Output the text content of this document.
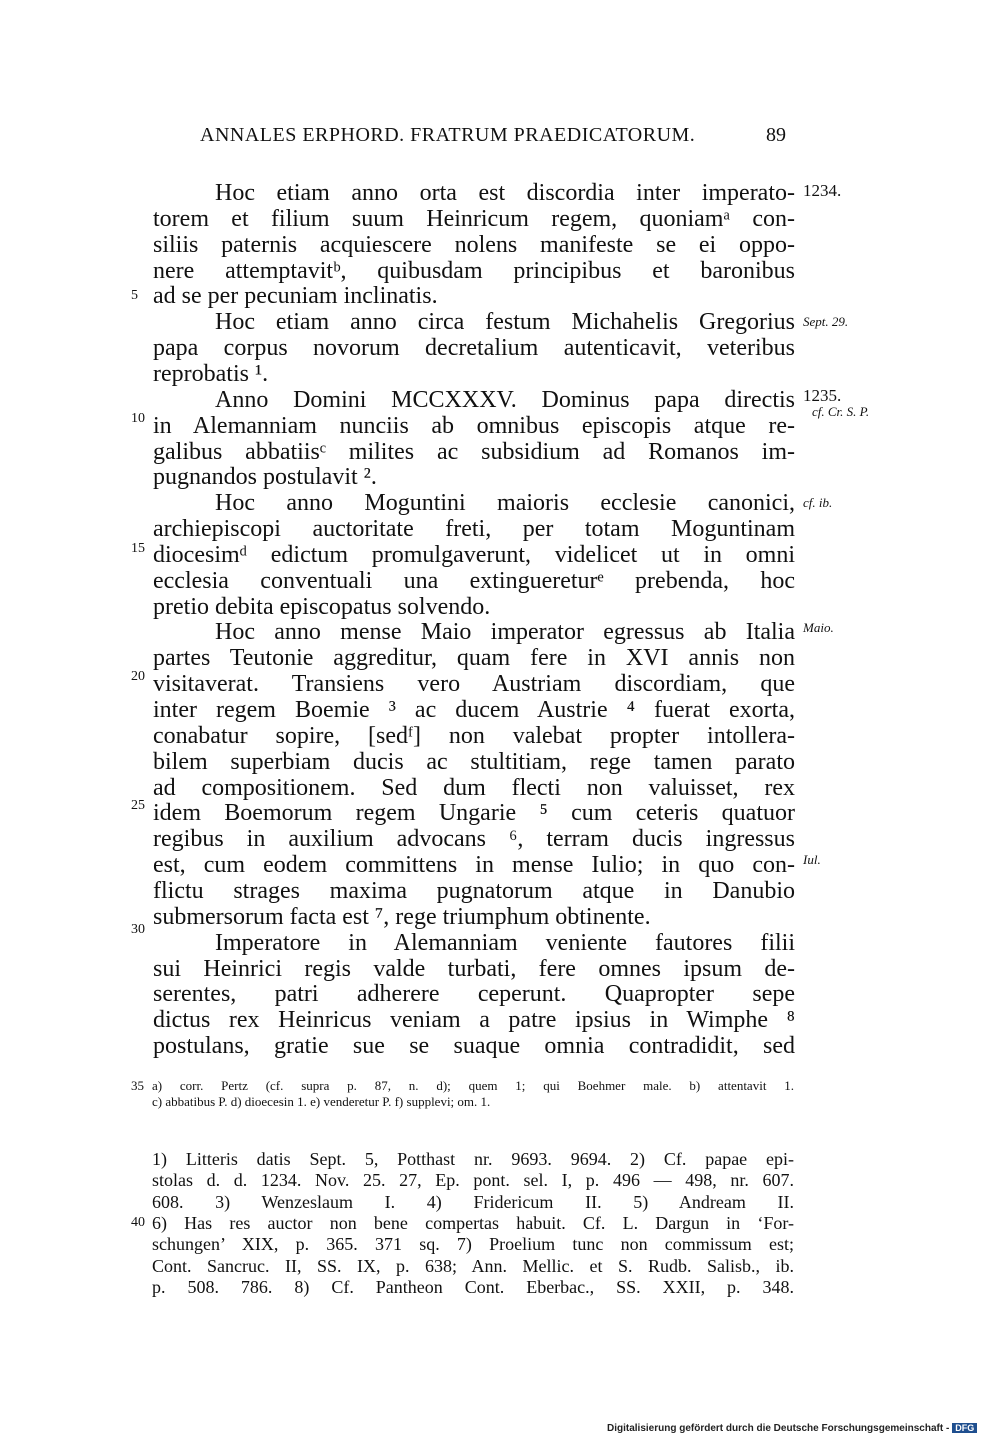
ANNALES ERPHORD. FRATRUM PRAEDICATORUM.	89
Hoc etiam anno orta est discordia inter imperato-
torem et filium suum Heinricum regem, quoniamᵃ con-
siliis paternis acquiescere nolens manifeste se ei oppo-
nere attemptavitᵇ, quibusdam principibus et baronibus
ad se per pecuniam inclinatis.
Hoc etiam anno circa festum Michahelis Gregorius
papa corpus novorum decretalium autenticavit, veteribus
reprobatis ¹.
Anno Domini MCCXXXV. Dominus papa directis
in Alemanniam nunciis ab omnibus episcopis atque re-
galibus abbatiisᶜ milites ac subsidium ad Romanos im-
pugnandos postulavit ².
Hoc anno Moguntini maioris ecclesie canonici,
archiepiscopi auctoritate freti, per totam Moguntinam
diocesimᵈ edictum promulgaverunt, videlicet ut in omni
ecclesia conventuali una extinguereturᵉ prebenda, hoc
pretio debita episcopatus solvendo.
Hoc anno mense Maio imperator egressus ab Italia
partes Teutonie aggreditur, quam fere in XVI annis non
visitaverat. Transiens vero Austriam discordiam, que
inter regem Boemie ³ ac ducem Austrie ⁴ fuerat exorta,
conabatur sopire, [sedᶠ] non valebat propter intollera-
bilem superbiam ducis ac stultitiam, rege tamen parato
ad compositionem. Sed dum flecti non valuisset, rex
idem Boemorum regem Ungarie ⁵ cum ceteris quatuor
regibus in auxilium advocans ⁶, terram ducis ingressus
est, cum eodem committens in mense Iulio; in quo con-
flictu strages maxima pugnatorum atque in Danubio
submersorum facta est ⁷, rege triumphum obtinente.
Imperatore in Alemanniam veniente fautores filii
sui Heinrici regis valde turbati, fere omnes ipsum de-
serentes, patri adherere ceperunt. Quapropter sepe
dictus rex Heinricus veniam a patre ipsius in Wimphe ⁸
postulans, gratie sue se suaque omnia contradidit, sed
5
10
15
20
25
30
1234.
Sept. 29.
1235.
cf. Cr. S. P.
cf. ib.
Maio.
Iul.
35 a) corr. Pertz (cf. supra p. 87, n. d); quem 1; qui Boehmer male. b) attentavit 1.
c) abbatibus P. d) dioecesin 1. e) venderetur P. f) supplevi; om. 1.
40
1) Litteris datis Sept. 5, Potthast nr. 9693. 9694. 2) Cf. papae epi-
stolas d. d. 1234. Nov. 25. 27, Ep. pont. sel. I, p. 496 — 498, nr. 607.
608. 3) Wenzeslaum I. 4) Fridericum II. 5) Andream II.
6) Has res auctor non bene compertas habuit. Cf. L. Dargun in ‘For-
schungen’ XIX, p. 365. 371 sq. 7) Proelium tunc non commissum est;
Cont. Sancruc. II, SS. IX, p. 638; Ann. Mellic. et S. Rudb. Salisb., ib.
p. 508. 786. 8) Cf. Pantheon Cont. Eberbac., SS. XXII, p. 348.
Digitalisierung gefördert durch die Deutsche Forschungsgemeinschaft - DFG
